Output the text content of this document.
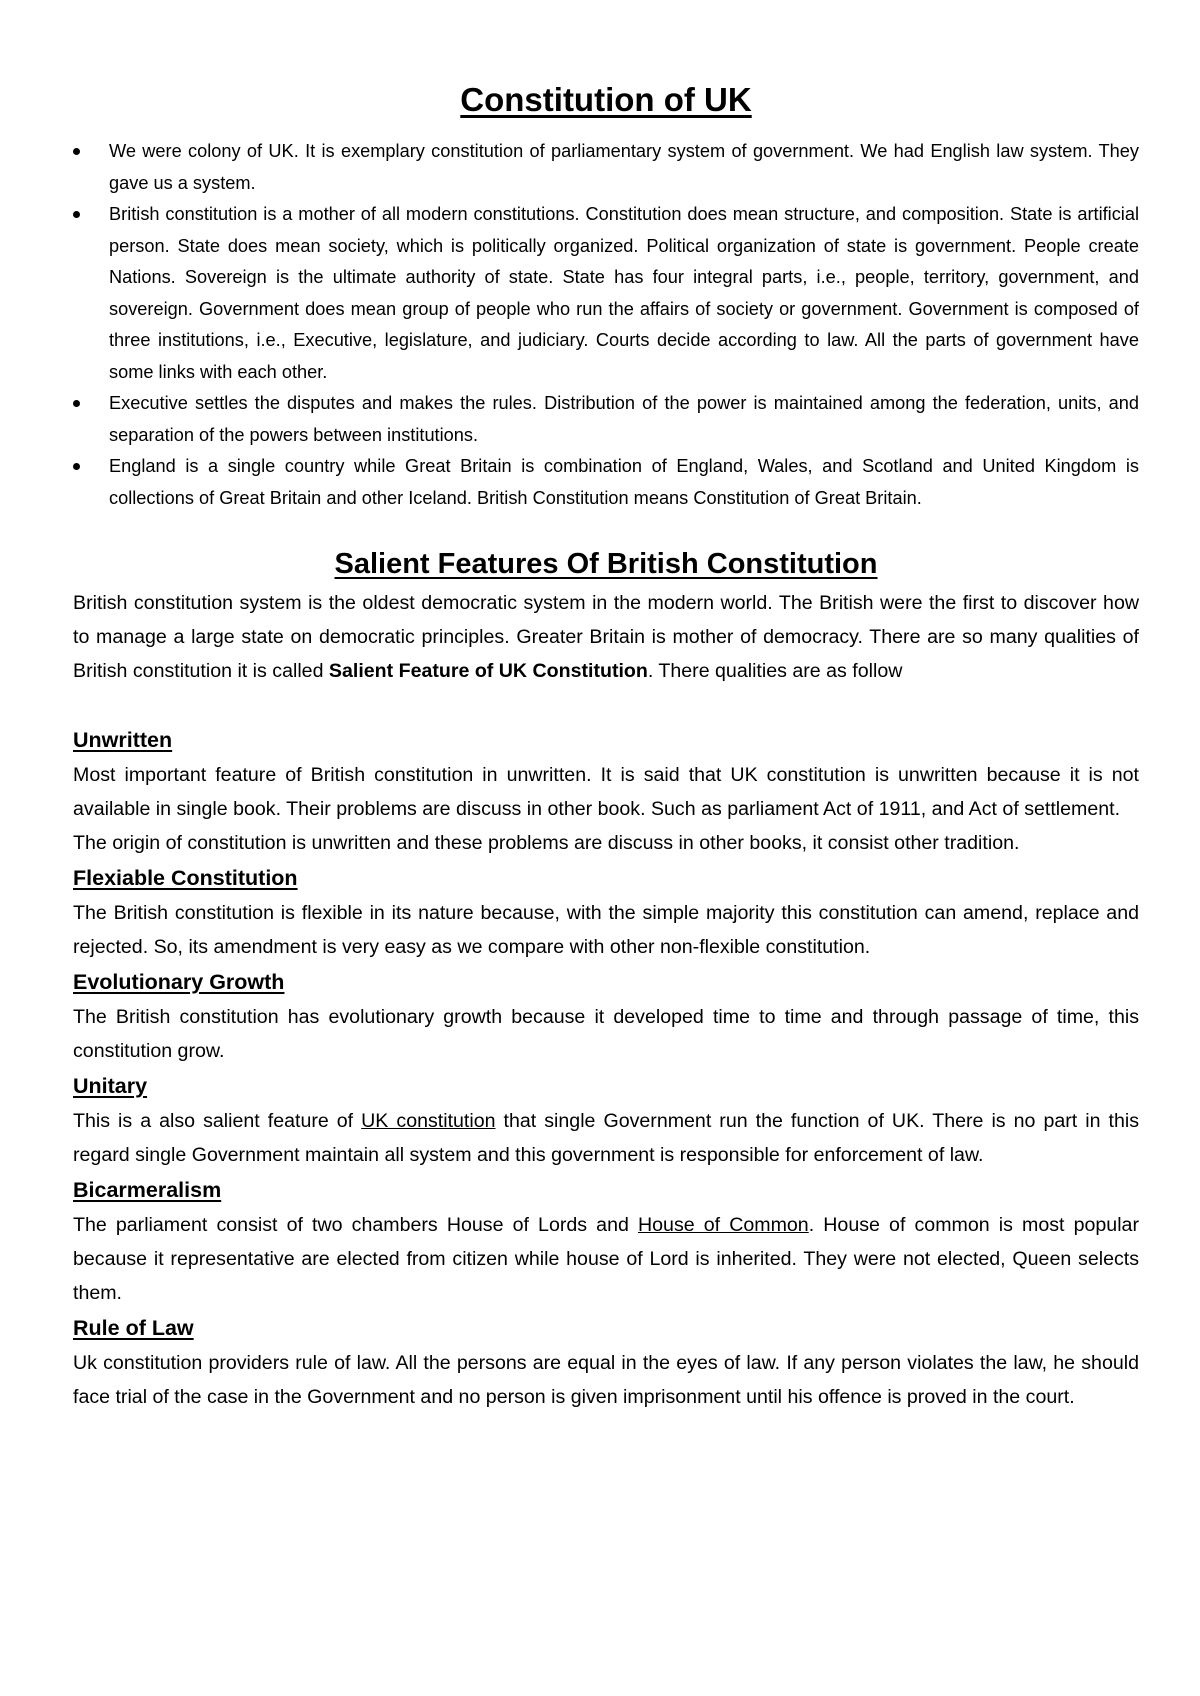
Constitution of UK
We were colony of UK. It is exemplary constitution of parliamentary system of government. We had English law system. They gave us a system.
British constitution is a mother of all modern constitutions. Constitution does mean structure, and composition. State is artificial person. State does mean society, which is politically organized. Political organization of state is government. People create Nations. Sovereign is the ultimate authority of state. State has four integral parts, i.e., people, territory, government, and sovereign. Government does mean group of people who run the affairs of society or government. Government is composed of three institutions, i.e., Executive, legislature, and judiciary. Courts decide according to law. All the parts of government have some links with each other.
Executive settles the disputes and makes the rules. Distribution of the power is maintained among the federation, units, and separation of the powers between institutions.
England is a single country while Great Britain is combination of England, Wales, and Scotland and United Kingdom is collections of Great Britain and other Iceland. British Constitution means Constitution of Great Britain.
Salient Features Of British Constitution

British constitution system is the oldest democratic system in the modern world. The British were the first to discover how to manage a large state on democratic principles. Greater Britain is mother of democracy. There are so many qualities of British constitution it is called Salient Feature of UK Constitution. There qualities are as follow

Unwritten

Most important feature of British constitution in unwritten. It is said that UK constitution is unwritten because it is not available in single book. Their problems are discuss in other book. Such as parliament Act of 1911, and Act of settlement.

The origin of constitution is unwritten and these problems are discuss in other books, it consist other tradition.

Flexiable Constitution

The British constitution is flexible in its nature because, with the simple majority this constitution can amend, replace and rejected. So, its amendment is very easy as we compare with other non-flexible constitution.

Evolutionary Growth

The British constitution has evolutionary growth because it developed time to time and through passage of time, this constitution grow.

Unitary

This is a also salient feature of UK constitution that single Government run the function of UK. There is no part in this regard single Government maintain all system and this government is responsible for enforcement of law.

Bicarmeralism

The parliament consist of two chambers House of Lords and House of Common. House of common is most popular because it representative are elected from citizen while house of Lord is inherited. They were not elected, Queen selects them.

Rule of Law

Uk constitution providers rule of law. All the persons are equal in the eyes of law. If any person violates the law, he should face trial of the case in the Government and no person is given imprisonment until his offence is proved in the court.
